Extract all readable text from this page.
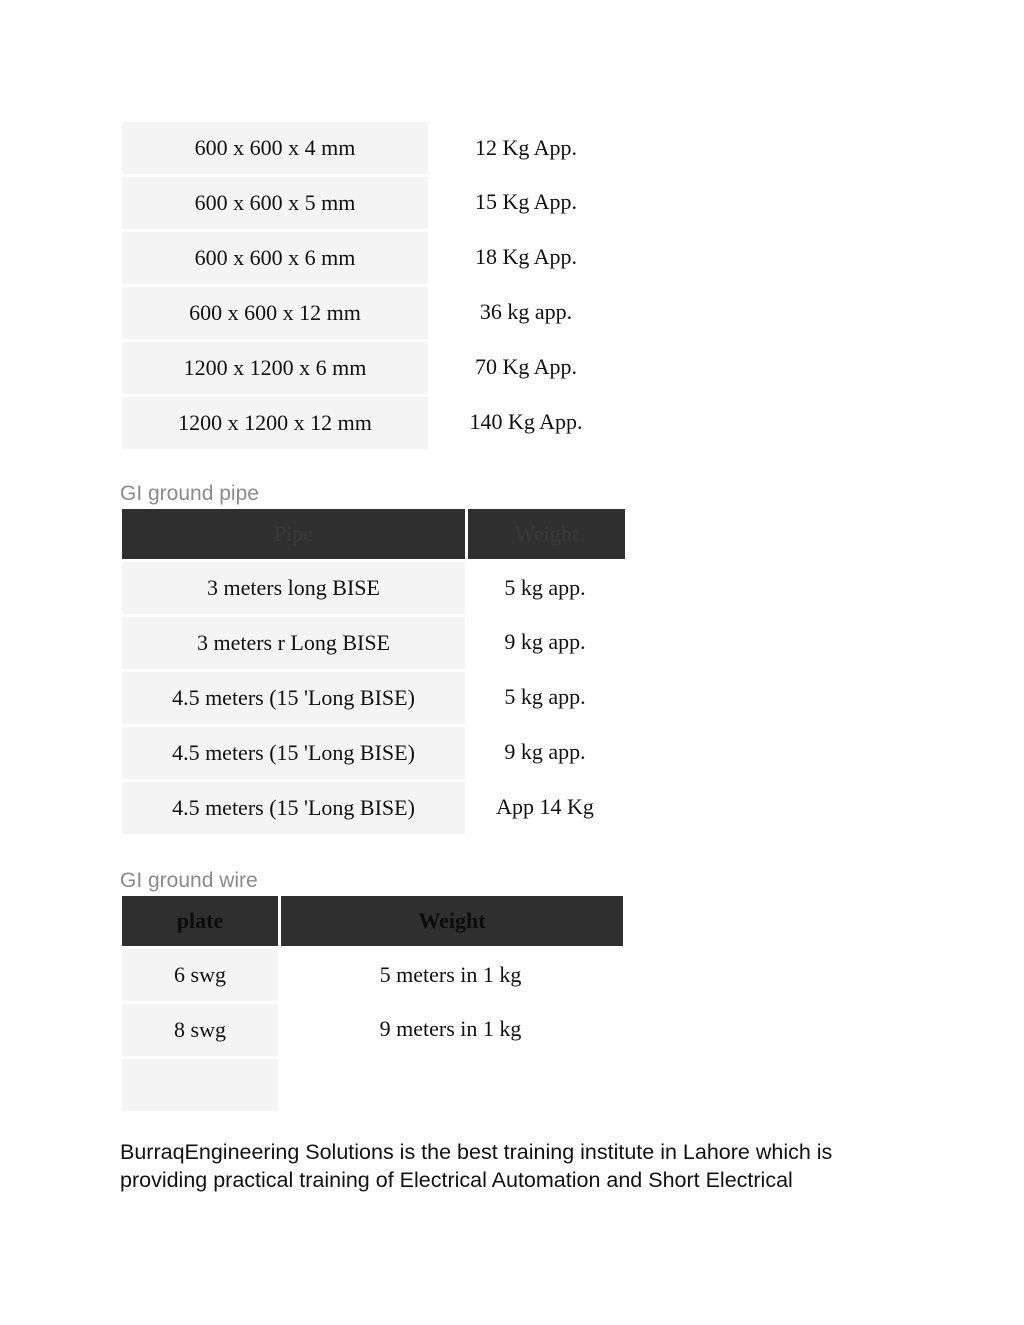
600 x 600 x 4 mm	12 Kg App.
600 x 600 x 5 mm	15 Kg App.
600 x 600 x 6 mm	18 Kg App.
600 x 600 x 12 mm	36 kg app.
1200 x 1200 x 6 mm	70 Kg App.
1200 x 1200 x 12 mm	140 Kg App.
GI ground pipe
Pipe	Weight
3 meters long BISE	5 kg app.
3 meters r Long BISE	9 kg app.
4.5 meters (15 'Long BISE)	5 kg app.
4.5 meters (15 'Long BISE)	9 kg app.
4.5 meters (15 'Long BISE)	App 14 Kg
GI ground wire
plate	Weight
6 swg	5 meters in 1 kg
8 swg	9 meters in 1 kg

BurraqEngineering Solutions is the best training institute in Lahore which is providing practical training of Electrical Automation and Short Electrical
